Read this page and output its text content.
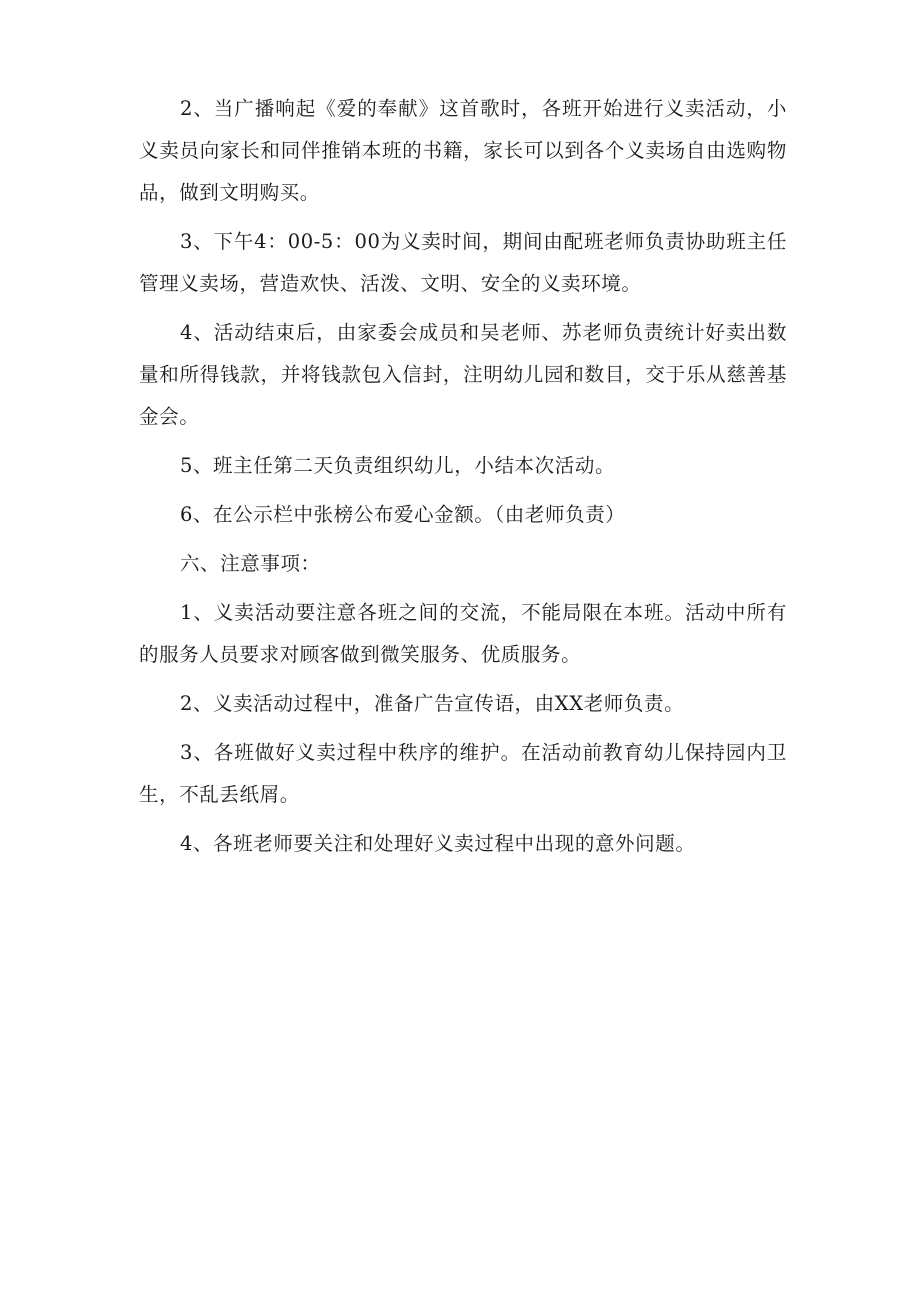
2、当广播响起《爱的奉献》这首歌时，各班开始进行义卖活动，小义卖员向家长和同伴推销本班的书籍，家长可以到各个义卖场自由选购物品，做到文明购买。

3、下午4：00-5：00为义卖时间，期间由配班老师负责协助班主任管理义卖场，营造欢快、活泼、文明、安全的义卖环境。

4、活动结束后，由家委会成员和吴老师、苏老师负责统计好卖出数量和所得钱款，并将钱款包入信封，注明幼儿园和数目，交于乐从慈善基金会。

5、班主任第二天负责组织幼儿，小结本次活动。

6、在公示栏中张榜公布爱心金额。（由老师负责）

六、注意事项：

1、义卖活动要注意各班之间的交流，不能局限在本班。活动中所有的服务人员要求对顾客做到微笑服务、优质服务。

2、义卖活动过程中，准备广告宣传语，由XX老师负责。

3、各班做好义卖过程中秩序的维护。在活动前教育幼儿保持园内卫生，不乱丢纸屑。

4、各班老师要关注和处理好义卖过程中出现的意外问题。
